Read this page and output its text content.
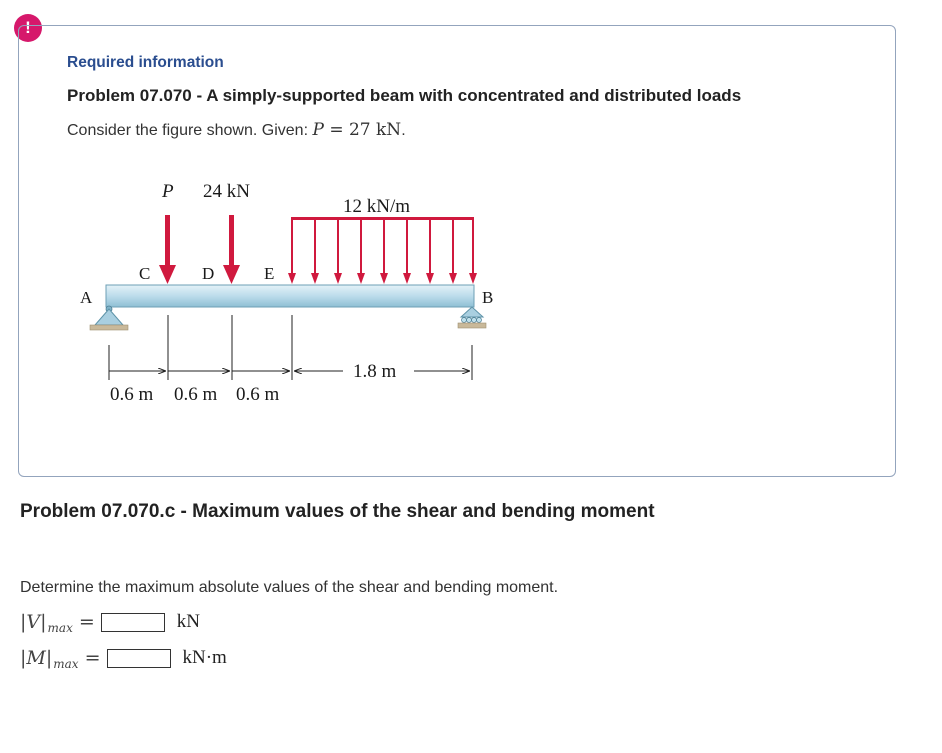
!
Required information
Problem 07.070 - A simply-supported beam with concentrated and distributed loads
Consider the figure shown. Given: P = 27 kN.
P 24 kN
12 kN/m
A	B
C	D	E
0.6 m 0.6 m 0.6 m
1.8 m
Problem 07.070.c - Maximum values of the shear and bending moment
Determine the maximum absolute values of the shear and bending moment.
|V| max =	kN
|M| max =	kN·m
